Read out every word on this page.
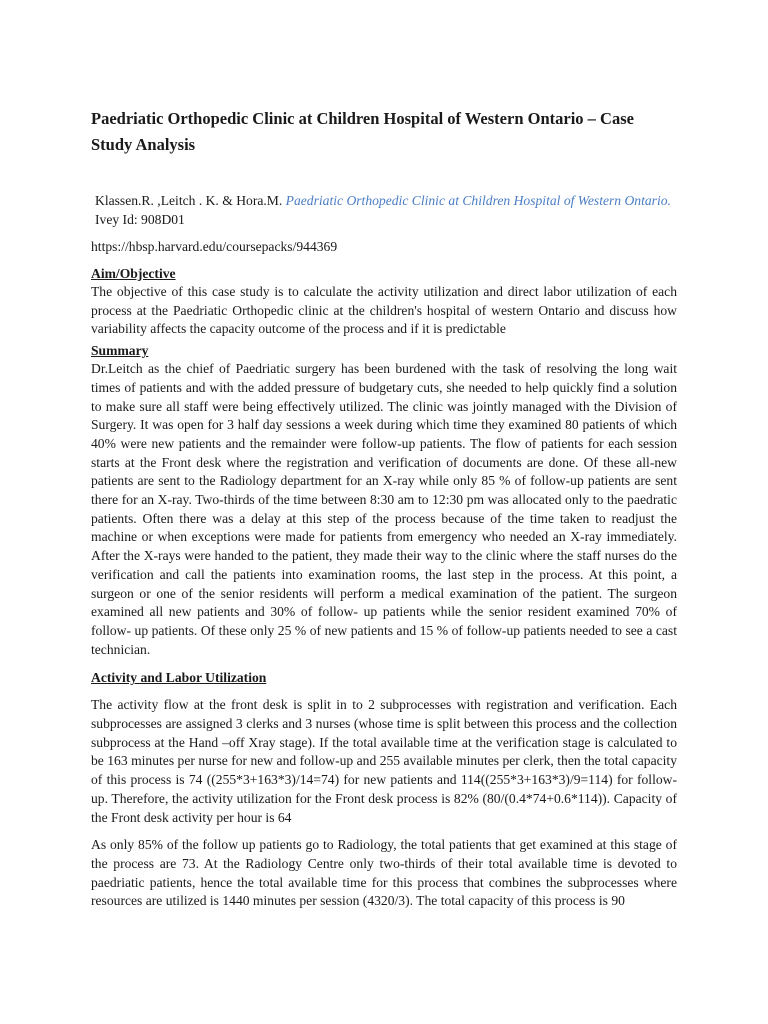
Paedriatic Orthopedic Clinic at Children Hospital of Western Ontario – Case Study Analysis

Klassen.R. ,Leitch . K. & Hora.M. Paedriatic Orthopedic Clinic at Children Hospital of Western Ontario. Ivey Id: 908D01

https://hbsp.harvard.edu/coursepacks/944369

Aim/Objective

The objective of this case study is to calculate the activity utilization and direct labor utilization of each process at the Paedriatic Orthopedic clinic at the children's hospital of western Ontario and discuss how variability affects the capacity outcome of the process and if it is predictable

Summary

Dr.Leitch as the chief of Paedriatic surgery has been burdened with the task of resolving the long wait times of patients and with the added pressure of budgetary cuts, she needed to help quickly find a solution to make sure all staff were being effectively utilized. The clinic was jointly managed with the Division of Surgery. It was open for 3 half day sessions a week during which time they examined 80 patients of which 40% were new patients and the remainder were follow-up patients. The flow of patients for each session starts at the Front desk where the registration and verification of documents are done. Of these all-new patients are sent to the Radiology department for an X-ray while only 85 % of follow-up patients are sent there for an X-ray. Two-thirds of the time between 8:30 am to 12:30 pm was allocated only to the paedratic patients. Often there was a delay at this step of the process because of the time taken to readjust the machine or when exceptions were made for patients from emergency who needed an X-ray immediately. After the X-rays were handed to the patient, they made their way to the clinic where the staff nurses do the verification and call the patients into examination rooms, the last step in the process. At this point, a surgeon or one of the senior residents will perform a medical examination of the patient. The surgeon examined all new patients and 30% of follow- up patients while the senior resident examined 70% of follow- up patients. Of these only 25 % of new patients and 15 % of follow-up patients needed to see a cast technician.

Activity and Labor Utilization

The activity flow at the front desk is split in to 2 subprocesses with registration and verification. Each subprocesses are assigned 3 clerks and 3 nurses (whose time is split between this process and the collection subprocess at the Hand –off Xray stage). If the total available time at the verification stage is calculated to be 163 minutes per nurse for new and follow-up and 255 available minutes per clerk, then the total capacity of this process is 74 ((255*3+163*3)/14=74) for new patients and 114((255*3+163*3)/9=114) for follow-up. Therefore, the activity utilization for the Front desk process is 82% (80/(0.4*74+0.6*114)). Capacity of the Front desk activity per hour is 64

As only 85% of the follow up patients go to Radiology, the total patients that get examined at this stage of the process are 73. At the Radiology Centre only two-thirds of their total available time is devoted to paedriatic patients, hence the total available time for this process that combines the subprocesses where resources are utilized is 1440 minutes per session (4320/3). The total capacity of this process is 90
